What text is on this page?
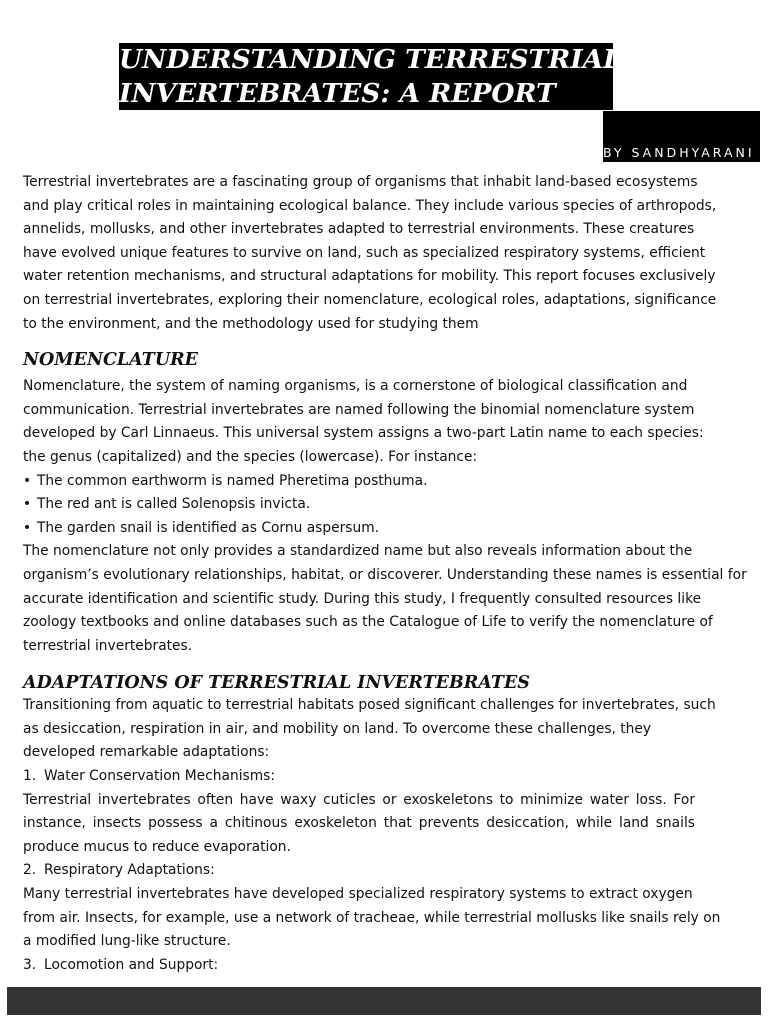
UNDERSTANDING TERRESTRIAL
INVERTEBRATES: A REPORT
BY SANDHYARANI

Terrestrial invertebrates are a fascinating group of organisms that inhabit land-based ecosystems
and play critical roles in maintaining ecological balance. They include various species of arthropods,
annelids, mollusks, and other invertebrates adapted to terrestrial environments. These creatures
have evolved unique features to survive on land, such as specialized respiratory systems, efficient
water retention mechanisms, and structural adaptations for mobility. This report focuses exclusively
on terrestrial invertebrates, exploring their nomenclature, ecological roles, adaptations, significance
to the environment, and the methodology used for studying them

NOMENCLATURE

Nomenclature, the system of naming organisms, is a cornerstone of biological classification and
communication. Terrestrial invertebrates are named following the binomial nomenclature system
developed by Carl Linnaeus. This universal system assigns a two-part Latin name to each species:
the genus (capitalized) and the species (lowercase). For instance:
• The common earthworm is named Pheretima posthuma.
• The red ant is called Solenopsis invicta.
• The garden snail is identified as Cornu aspersum.
The nomenclature not only provides a standardized name but also reveals information about the
organism’s evolutionary relationships, habitat, or discoverer. Understanding these names is essential for
accurate identification and scientific study. During this study, I frequently consulted resources like
zoology textbooks and online databases such as the Catalogue of Life to verify the nomenclature of
terrestrial invertebrates.

ADAPTATIONS OF TERRESTRIAL INVERTEBRATES

Transitioning from aquatic to terrestrial habitats posed significant challenges for invertebrates, such
as desiccation, respiration in air, and mobility on land. To overcome these challenges, they
developed remarkable adaptations:
1. Water Conservation Mechanisms:

Terrestrial invertebrates often have waxy cuticles or exoskeletons to minimize water loss. For
instance, insects possess a chitinous exoskeleton that prevents desiccation, while land snails

produce mucus to reduce evaporation.
2. Respiratory Adaptations:
Many terrestrial invertebrates have developed specialized respiratory systems to extract oxygen
from air. Insects, for example, use a network of tracheae, while terrestrial mollusks like snails rely on
a modified lung-like structure.
3. Locomotion and Support:
